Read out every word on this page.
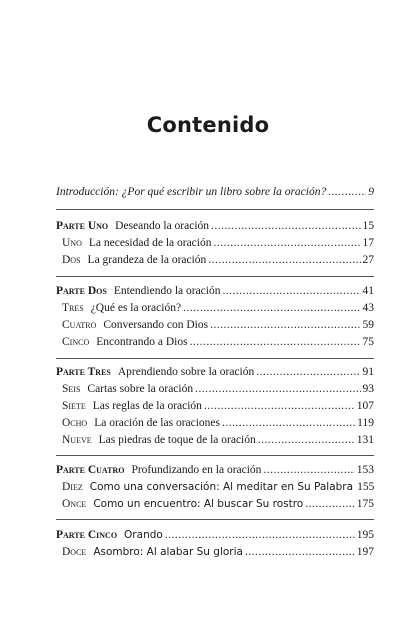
Contenido
Introducción: ¿Por qué escribir un libro sobre la oración? . . .	9
Parte Uno Deseando la oración . . .	15
Uno La necesidad de la oración . . .	17
Dos La grandeza de la oración . . .	27
Parte Dos Entendiendo la oración . . .	41
Tres ¿Qué es la oración? . . .	43
Cuatro Conversando con Dios . . .	59
Cinco Encontrando a Dios . . .	75
Parte Tres Aprendiendo sobre la oración . . .	91
Seis Cartas sobre la oración . . .	93
Siete Las reglas de la oración . . .	107
Ocho La oración de las oraciones . . .	119
Nueve Las piedras de toque de la oración . . .	131
Parte Cuatro Profundizando en la oración . . .	153
Diez Como una conversación: Al meditar en Su Palabra 155
Once Como un encuentro: Al buscar Su rostro . . .	175
Parte Cinco Orando . . .	195
Doce Asombro: Al alabar Su gloria . . .	197
